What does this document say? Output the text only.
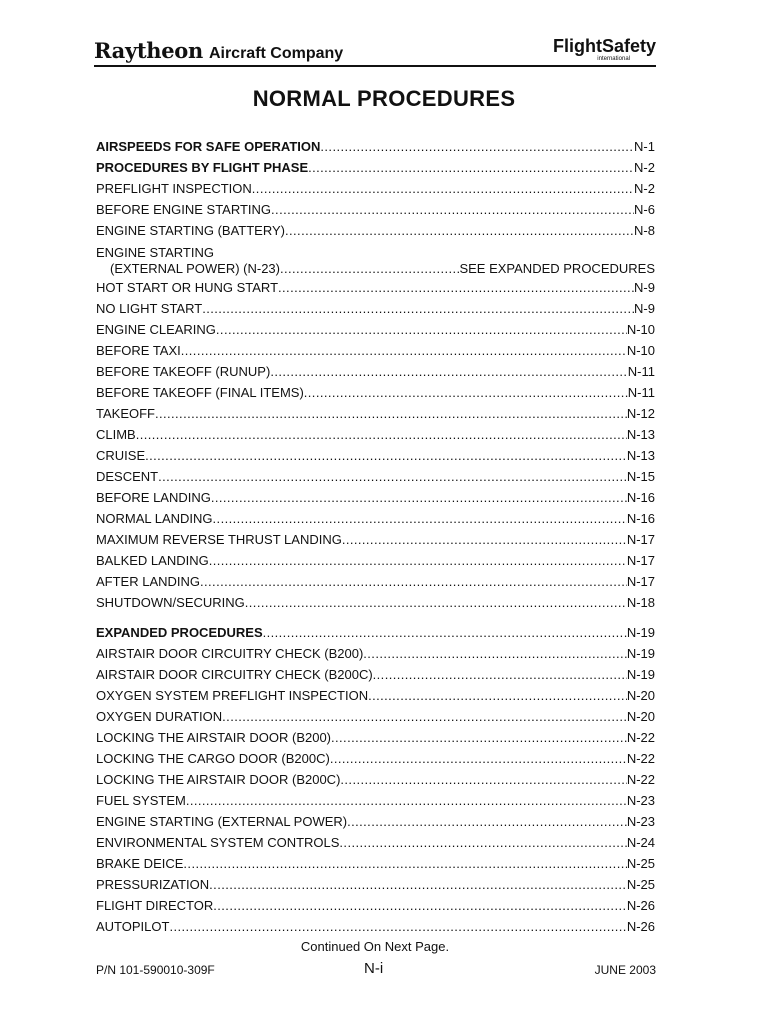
Raytheon Aircraft Company	FlightSafety
international
NORMAL PROCEDURES
AIRSPEEDS FOR SAFE OPERATION .....	N-1
PROCEDURES BY FLIGHT PHASE .....	N-2
PREFLIGHT INSPECTION .....	N-2
BEFORE ENGINE STARTING .....	N-6
ENGINE STARTING (BATTERY) .....	N-8
ENGINE STARTING
(EXTERNAL POWER) (N-23) .....	SEE EXPANDED PROCEDURES
HOT START OR HUNG START .....	N-9
NO LIGHT START .....	N-9
ENGINE CLEARING .....	N-10
BEFORE TAXI .....	N-10
BEFORE TAKEOFF (RUNUP) .....	N-11
BEFORE TAKEOFF (FINAL ITEMS) .....	N-11
TAKEOFF .....	N-12
CLIMB .....	N-13
CRUISE .....	N-13
DESCENT .....	N-15
BEFORE LANDING .....	N-16
NORMAL LANDING .....	N-16
MAXIMUM REVERSE THRUST LANDING .....	N-17
BALKED LANDING .....	N-17
AFTER LANDING .....	N-17
SHUTDOWN/SECURING .....	N-18
EXPANDED PROCEDURES .....	N-19
AIRSTAIR DOOR CIRCUITRY CHECK (B200) .....	N-19
AIRSTAIR DOOR CIRCUITRY CHECK (B200C) .....	N-19
OXYGEN SYSTEM PREFLIGHT INSPECTION .....	N-20
OXYGEN DURATION .....	N-20
LOCKING THE AIRSTAIR DOOR (B200) .....	N-22
LOCKING THE CARGO DOOR (B200C) .....	N-22
LOCKING THE AIRSTAIR DOOR (B200C) .....	N-22
FUEL SYSTEM .....	N-23
ENGINE STARTING (EXTERNAL POWER) .....	N-23
ENVIRONMENTAL SYSTEM CONTROLS .....	N-24
BRAKE DEICE .....	N-25
PRESSURIZATION .....	N-25
FLIGHT DIRECTOR .....	N-26
AUTOPILOT .....	N-26
Continued On Next Page.
P/N 101-590010-309F	N-i	JUNE 2003
